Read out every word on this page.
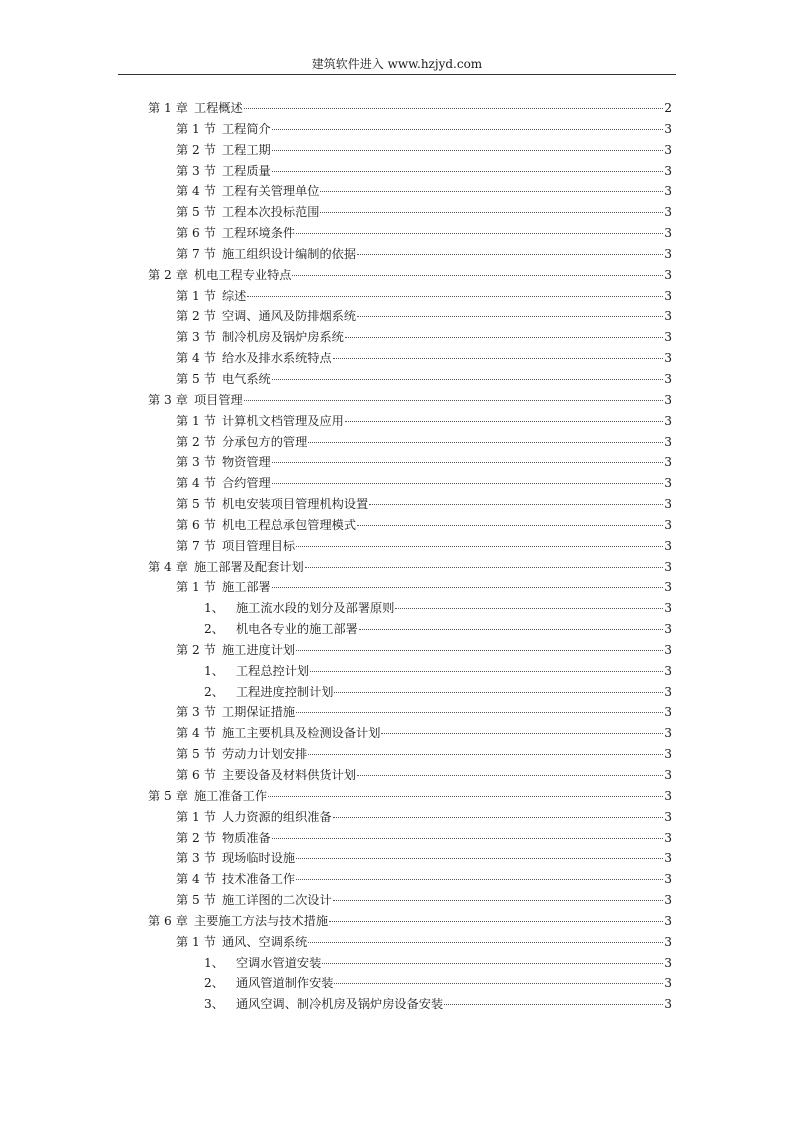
建筑软件进入 www.hzjyd.com
第 1 章  工程概述	2
第 1 节  工程简介	3
第 2 节  工程工期	3
第 3 节  工程质量	3
第 4 节  工程有关管理单位	3
第 5 节  工程本次投标范围	3
第 6 节  工程环境条件	3
第 7 节  施工组织设计编制的依据	3
第 2 章  机电工程专业特点	3
第 1 节  综述	3
第 2 节  空调、通风及防排烟系统	3
第 3 节  制冷机房及锅炉房系统	3
第 4 节  给水及排水系统特点	3
第 5 节  电气系统	3
第 3 章  项目管理	3
第 1 节  计算机文档管理及应用	3
第 2 节  分承包方的管理	3
第 3 节  物资管理	3
第 4 节  合约管理	3
第 5 节  机电安装项目管理机构设置	3
第 6 节  机电工程总承包管理模式	3
第 7 节  项目管理目标	3
第 4 章  施工部署及配套计划	3
第 1 节  施工部署	3
1、 施工流水段的划分及部署原则	3
2、 机电各专业的施工部署	3
第 2 节  施工进度计划	3
1、 工程总控计划	3
2、 工程进度控制计划	3
第 3 节  工期保证措施	3
第 4 节  施工主要机具及检测设备计划	3
第 5 节  劳动力计划安排	3
第 6 节  主要设备及材料供货计划	3
第 5 章  施工准备工作	3
第 1 节  人力资源的组织准备	3
第 2 节  物质准备	3
第 3 节  现场临时设施	3
第 4 节  技术准备工作	3
第 5 节  施工详图的二次设计	3
第 6 章  主要施工方法与技术措施	3
第 1 节  通风、空调系统	3
1、 空调水管道安装	3
2、 通风管道制作安装	3
3、 通风空调、制冷机房及锅炉房设备安装	3
